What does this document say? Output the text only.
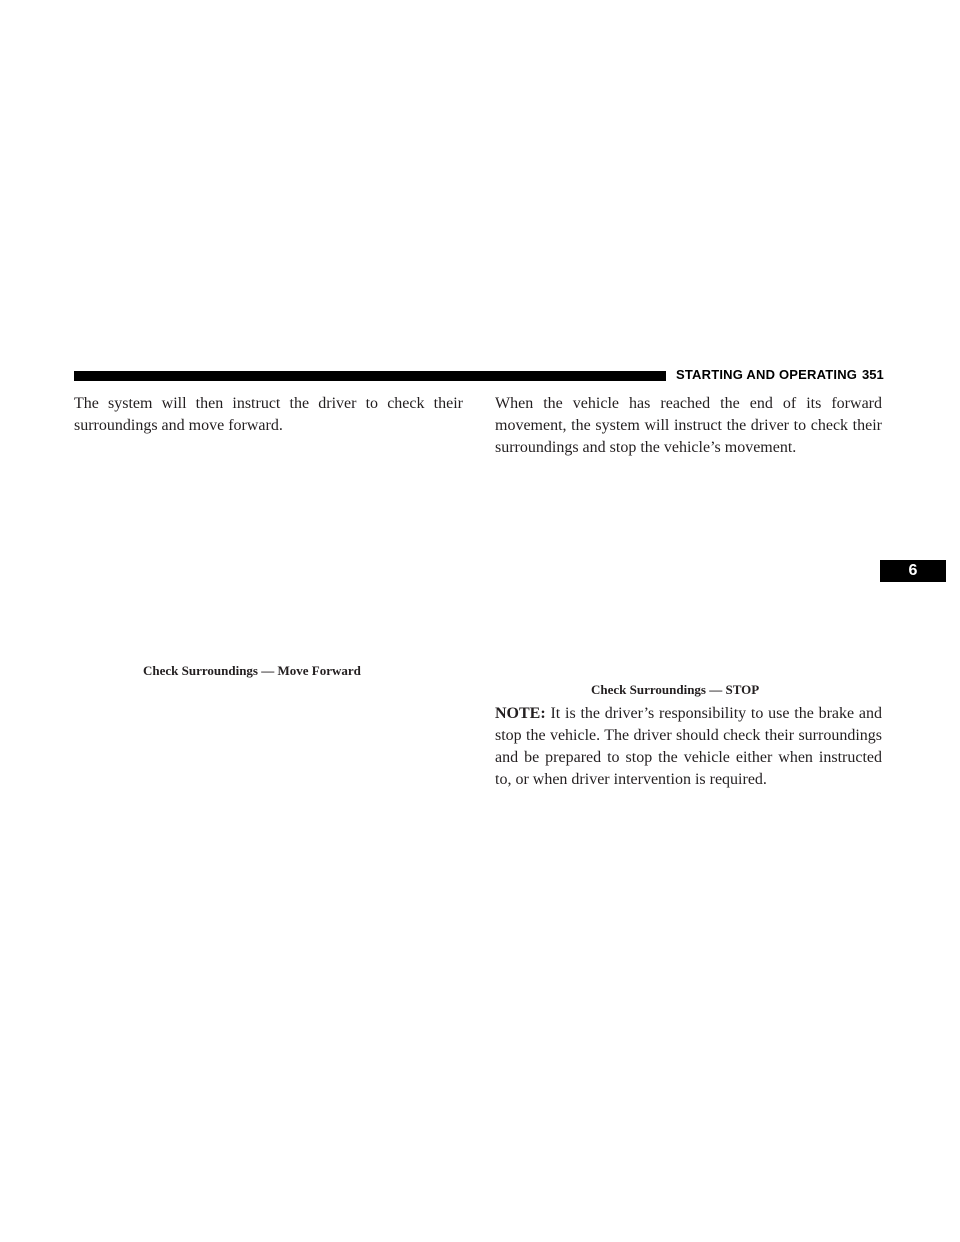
STARTING AND OPERATING 351

The system will then instruct the driver to check their surroundings and move forward.

Check Surroundings — Move Forward

When the vehicle has reached the end of its forward movement, the system will instruct the driver to check their surroundings and stop the vehicle’s movement.

Check Surroundings — STOP

NOTE: It is the driver’s responsibility to use the brake and stop the vehicle. The driver should check their surroundings and be prepared to stop the vehicle either when instructed to, or when driver intervention is required.

6
